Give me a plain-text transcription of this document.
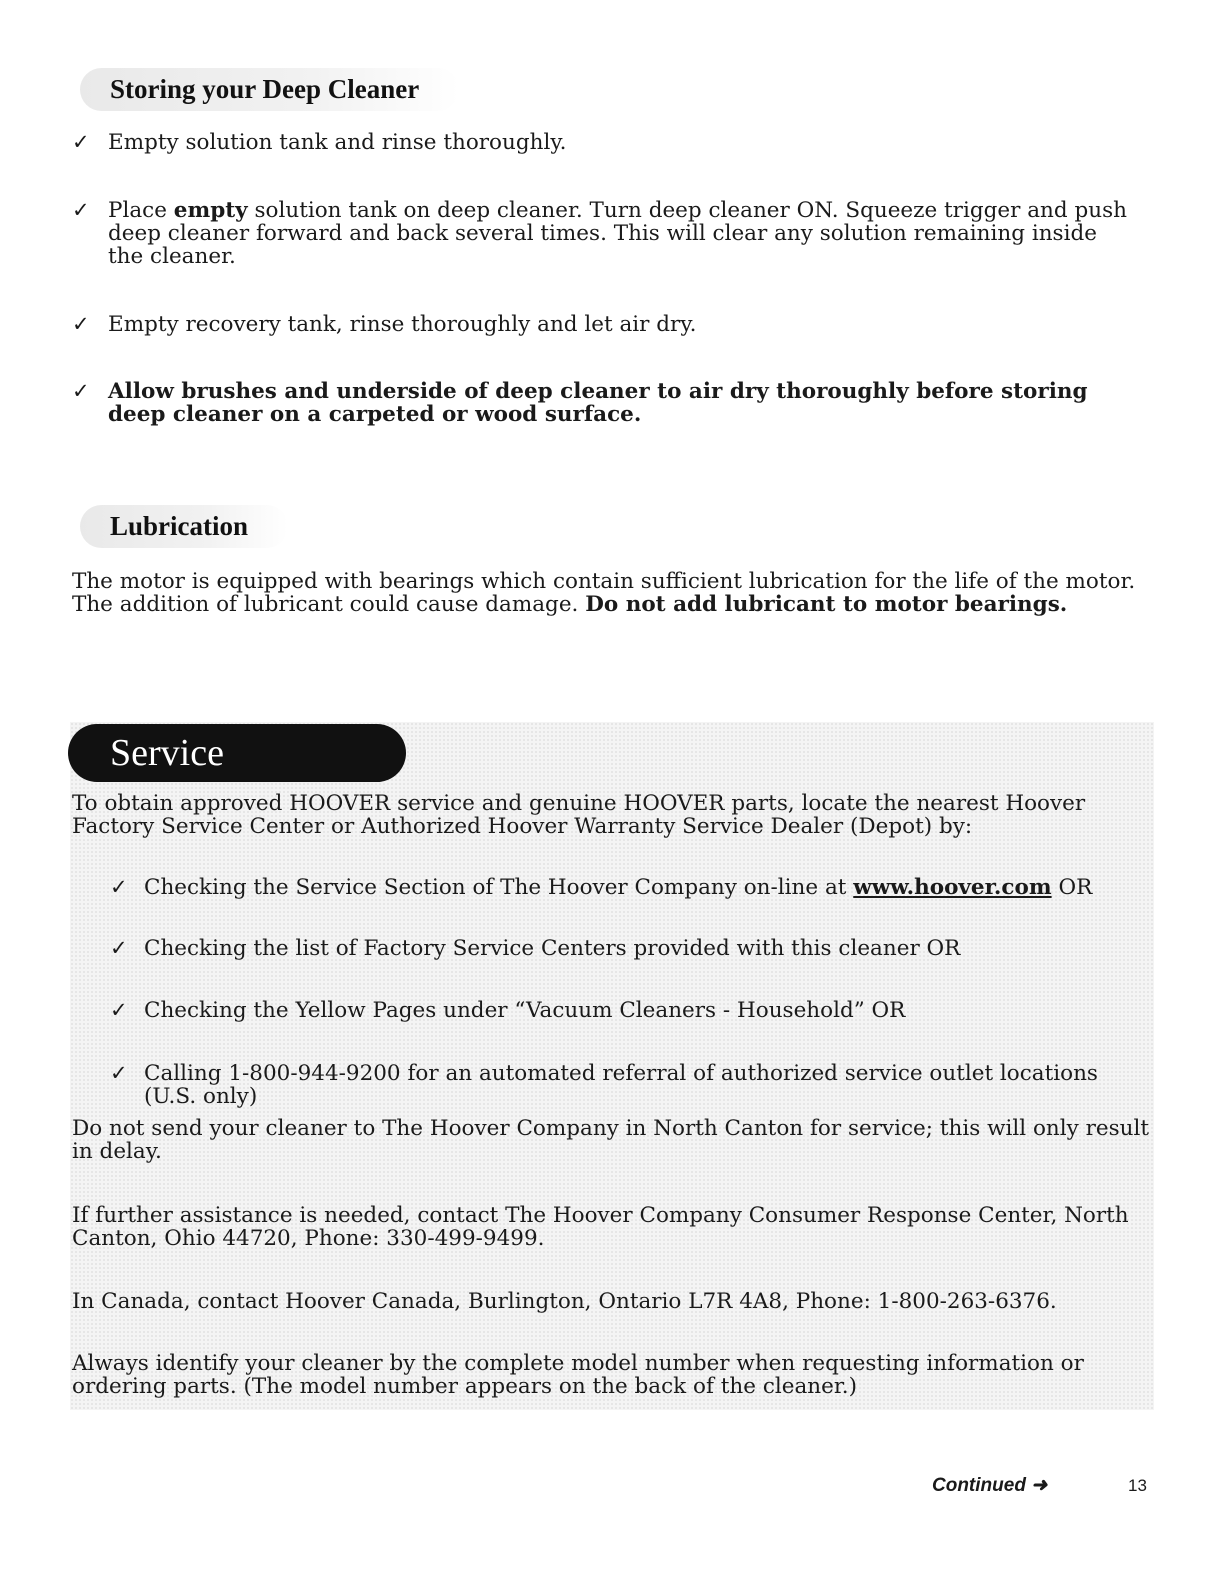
Storing your Deep Cleaner
✓ Empty solution tank and rinse thoroughly.
✓ Place empty solution tank on deep cleaner. Turn deep cleaner ON. Squeeze trigger and push deep cleaner forward and back several times. This will clear any solution remaining inside the cleaner.
✓ Empty recovery tank, rinse thoroughly and let air dry.
✓ Allow brushes and underside of deep cleaner to air dry thoroughly before storing deep cleaner on a carpeted or wood surface.
Lubrication
The motor is equipped with bearings which contain sufficient lubrication for the life of the motor. The addition of lubricant could cause damage. Do not add lubricant to motor bearings.
Service
To obtain approved HOOVER service and genuine HOOVER parts, locate the nearest Hoover Factory Service Center or Authorized Hoover Warranty Service Dealer (Depot) by:
✓ Checking the Service Section of The Hoover Company on-line at www.hoover.com OR
✓ Checking the list of Factory Service Centers provided with this cleaner OR
✓ Checking the Yellow Pages under “Vacuum Cleaners - Household” OR
✓ Calling 1-800-944-9200 for an automated referral of authorized service outlet locations (U.S. only)
Do not send your cleaner to The Hoover Company in North Canton for service; this will only result in delay.
If further assistance is needed, contact The Hoover Company Consumer Response Center, North Canton, Ohio 44720, Phone: 330-499-9499.
In Canada, contact Hoover Canada, Burlington, Ontario L7R 4A8, Phone: 1-800-263-6376.
Always identify your cleaner by the complete model number when requesting information or ordering parts. (The model number appears on the back of the cleaner.)
Continued ➜	13
